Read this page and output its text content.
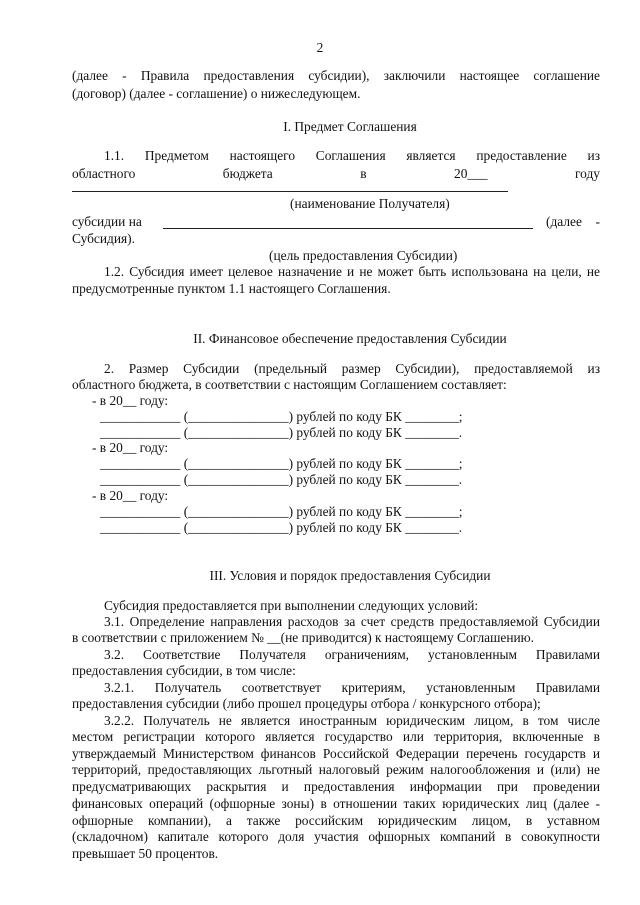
2
(далее - Правила предоставления субсидии), заключили настоящее соглашение
(договор) (далее - соглашение) о нижеследующем.
I. Предмет Соглашения
1.1. Предметом настоящего Соглашения является предоставление из
областного бюджета в 20___ году
(наименование Получателя)
субсидии на	(далее -
Субсидия).
(цель предоставления Субсидии)
1.2. Субсидия имеет целевое назначение и не может быть использована на цели, не
предусмотренные пунктом 1.1 настоящего Соглашения.
II. Финансовое обеспечение предоставления Субсидии
2. Размер Субсидии (предельный размер Субсидии), предоставляемой из
областного бюджета, в соответствии с настоящим Соглашением составляет:
- в 20__ году:
____________ (_______________) рублей по коду БК ________;
____________ (_______________) рублей по коду БК ________.
- в 20__ году:
____________ (_______________) рублей по коду БК ________;
____________ (_______________) рублей по коду БК ________.
- в 20__ году:
____________ (_______________) рублей по коду БК ________;
____________ (_______________) рублей по коду БК ________.
III. Условия и порядок предоставления Субсидии
Субсидия предоставляется при выполнении следующих условий:
3.1. Определение направления расходов за счет средств предоставляемой Субсидии
в соответствии с приложением № __(не приводится) к настоящему Соглашению.
3.2. Соответствие Получателя ограничениям, установленным Правилами
предоставления субсидии, в том числе:
3.2.1. Получатель соответствует критериям, установленным Правилами
предоставления субсидии (либо прошел процедуры отбора / конкурсного отбора);
3.2.2. Получатель не является иностранным юридическим лицом, в том числе
местом регистрации которого является государство или территория, включенные в
утверждаемый Министерством финансов Российской Федерации перечень государств и
территорий, предоставляющих льготный налоговый режим налогообложения и (или) не
предусматривающих раскрытия и предоставления информации при проведении
финансовых операций (офшорные зоны) в отношении таких юридических лиц (далее -
офшорные компании), а также российским юридическим лицом, в уставном
(складочном) капитале которого доля участия офшорных компаний в совокупности
превышает 50 процентов.
